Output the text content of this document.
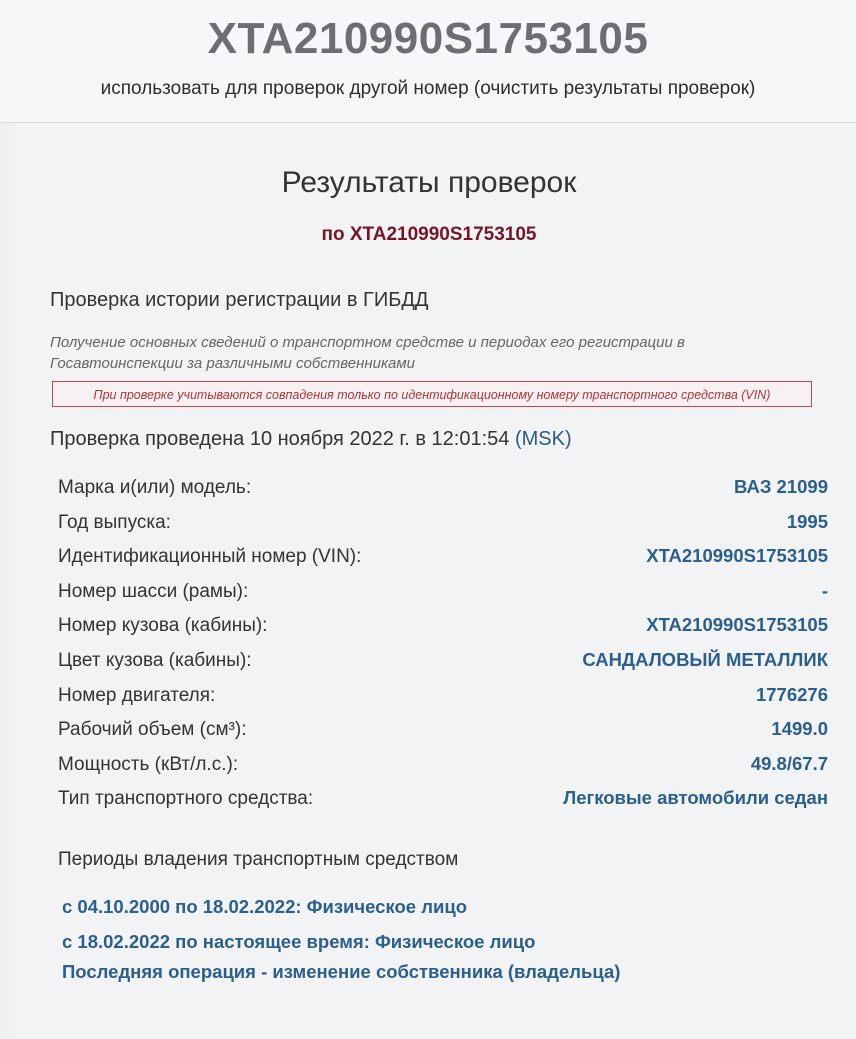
XTA210990S1753105
использовать для проверок другой номер (очистить результаты проверок)
Результаты проверок
по XTA210990S1753105
Проверка истории регистрации в ГИБДД
Получение основных сведений о транспортном средстве и периодах его регистрации в Госавтоинспекции за различными собственниками
При проверке учитываются совпадения только по идентификационному номеру транспортного средства (VIN)
Проверка проведена 10 ноября 2022 г. в 12:01:54 (MSK)
Марка и(или) модель:	ВАЗ 21099
Год выпуска:	1995
Идентификационный номер (VIN):	XTA210990S1753105
Номер шасси (рамы):	-
Номер кузова (кабины):	XTA210990S1753105
Цвет кузова (кабины):	САНДАЛОВЫЙ МЕТАЛЛИК
Номер двигателя:	1776276
Рабочий объем (см³):	1499.0
Мощность (кВт/л.с.):	49.8/67.7
Тип транспортного средства:	Легковые автомобили седан
Периоды владения транспортным средством
с 04.10.2000 по 18.02.2022: Физическое лицо
с 18.02.2022 по настоящее время: Физическое лицо
Последняя операция - изменение собственника (владельца)
